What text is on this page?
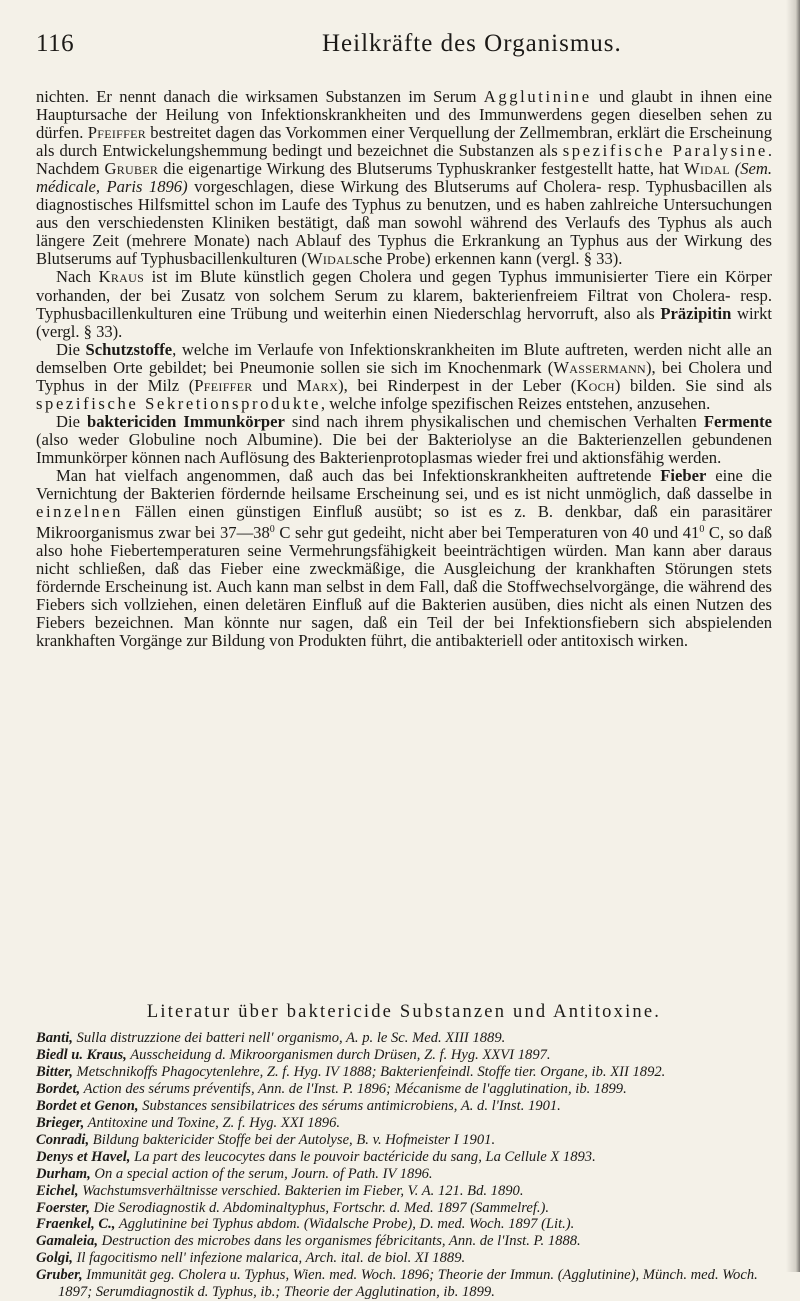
116	Heilkräfte des Organismus.

nichten. Er nennt danach die wirksamen Substanzen im Serum Agglutinine und glaubt in ihnen eine Hauptursache der Heilung von Infektionskrankheiten und des Immunwerdens gegen dieselben sehen zu dürfen. Pfeiffer bestreitet dagen das Vorkommen einer Verquellung der Zellmembran, erklärt die Erscheinung als durch Entwickelungshemmung bedingt und bezeichnet die Substanzen als spezifische Paralysine. Nachdem Gruber die eigenartige Wirkung des Blutserums Typhuskranker festgestellt hatte, hat Widal (Sem. médicale, Paris 1896) vorgeschlagen, diese Wirkung des Blutserums auf Cholera- resp. Typhusbacillen als diagnostisches Hilfsmittel schon im Laufe des Typhus zu benutzen, und es haben zahlreiche Untersuchungen aus den verschiedensten Kliniken bestätigt, daß man sowohl während des Verlaufs des Typhus als auch längere Zeit (mehrere Monate) nach Ablauf des Typhus die Erkrankung an Typhus aus der Wirkung des Blutserums auf Typhusbacillenkulturen (Widalsche Probe) erkennen kann (vergl. § 33).

Nach Kraus ist im Blute künstlich gegen Cholera und gegen Typhus immunisierter Tiere ein Körper vorhanden, der bei Zusatz von solchem Serum zu klarem, bakterienfreiem Filtrat von Cholera- resp. Typhusbacillenkulturen eine Trübung und weiterhin einen Niederschlag hervorruft, also als Präzipitin wirkt (vergl. § 33).

Die Schutzstoffe, welche im Verlaufe von Infektionskrankheiten im Blute auftreten, werden nicht alle an demselben Orte gebildet; bei Pneumonie sollen sie sich im Knochenmark (Wassermann), bei Cholera und Typhus in der Milz (Pfeiffer und Marx), bei Rinderpest in der Leber (Koch) bilden. Sie sind als spezifische Sekretionsprodukte, welche infolge spezifischen Reizes entstehen, anzusehen.

Die baktericiden Immunkörper sind nach ihrem physikalischen und chemischen Verhalten Fermente (also weder Globuline noch Albumine). Die bei der Bakteriolyse an die Bakterienzellen gebundenen Immunkörper können nach Auflösung des Bakterienprotoplasmas wieder frei und aktionsfähig werden.

Man hat vielfach angenommen, daß auch das bei Infektionskrankheiten auftretende Fieber eine die Vernichtung der Bakterien fördernde heilsame Erscheinung sei, und es ist nicht unmöglich, daß dasselbe in einzelnen Fällen einen günstigen Einfluß ausübt; so ist es z. B. denkbar, daß ein parasitärer Mikroorganismus zwar bei $37—38^0$ C sehr gut gedeiht, nicht aber bei Temperaturen von 40 und $41^0$ C, so daß also hohe Fiebertemperaturen seine Vermehrungsfähigkeit beeinträchtigen würden. Man kann aber daraus nicht schließen, daß das Fieber eine zweckmäßige, die Ausgleichung der krankhaften Störungen stets fördernde Erscheinung ist. Auch kann man selbst in dem Fall, daß die Stoffwechselvorgänge, die während des Fiebers sich vollziehen, einen deletären Einfluß auf die Bakterien ausüben, dies nicht als einen Nutzen des Fiebers bezeichnen. Man könnte nur sagen, daß ein Teil der bei Infektionsfiebern sich abspielenden krankhaften Vorgänge zur Bildung von Produkten führt, die antibakteriell oder antitoxisch wirken.

Literatur über baktericide Substanzen und Antitoxine.
Banti, Sulla distruzzione dei batteri nell' organismo, A. p. le Sc. Med. XIII 1889.
Biedl u. Kraus, Ausscheidung d. Mikroorganismen durch Drüsen, Z. f. Hyg. XXVI 1897.
Bitter, Metschnikoffs Phagocytenlehre, Z. f. Hyg. IV 1888; Bakterienfeindl. Stoffe tier. Organe, ib. XII 1892.
Bordet, Action des sérums préventifs, Ann. de l'Inst. P. 1896; Mécanisme de l'agglutination, ib. 1899.
Bordet et Genon, Substances sensibilatrices des sérums antimicrobiens, A. d. l'Inst. 1901.
Brieger, Antitoxine und Toxine, Z. f. Hyg. XXI 1896.
Conradi, Bildung baktericider Stoffe bei der Autolyse, B. v. Hofmeister I 1901.
Denys et Havel, La part des leucocytes dans le pouvoir bactéricide du sang, La Cellule X 1893.
Durham, On a special action of the serum, Journ. of Path. IV 1896.
Eichel, Wachstumsverhältnisse verschied. Bakterien im Fieber, V. A. 121. Bd. 1890.
Foerster, Die Serodiagnostik d. Abdominaltyphus, Fortschr. d. Med. 1897 (Sammelref.).
Fraenkel, C., Agglutinine bei Typhus abdom. (Widalsche Probe), D. med. Woch. 1897 (Lit.).
Gamaleia, Destruction des microbes dans les organismes fébricitants, Ann. de l'Inst. P. 1888.
Golgi, Il fagocitismo nell' infezione malarica, Arch. ital. de biol. XI 1889.
Gruber, Immunität geg. Cholera u. Typhus, Wien. med. Woch. 1896; Theorie der Immun. (Agglutinine), Münch. med. Woch. 1897; Serumdiagnostik d. Typhus, ib.; Theorie der Agglutination, ib. 1899.
